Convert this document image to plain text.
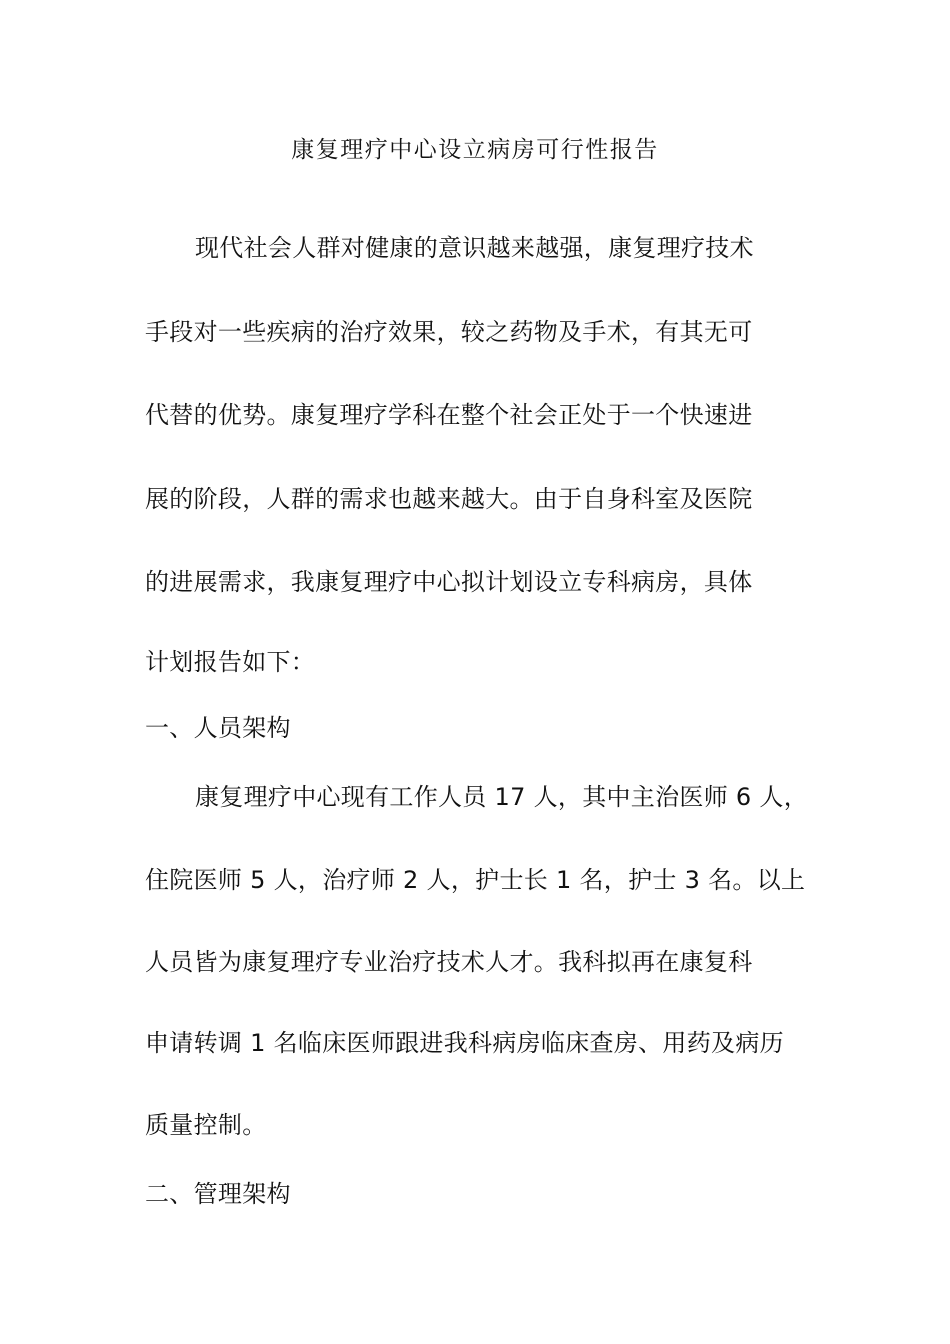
康复理疗中心设立病房可行性报告
现代社会人群对健康的意识越来越强，康复理疗技术
手段对一些疾病的治疗效果，较之药物及手术，有其无可
代替的优势。康复理疗学科在整个社会正处于一个快速进
展的阶段，人群的需求也越来越大。由于自身科室及医院
的进展需求，我康复理疗中心拟计划设立专科病房，具体
计划报告如下：
一、人员架构
康复理疗中心现有工作人员 17 人，其中主治医师 6 人，
住院医师 5 人，治疗师 2 人，护士长 1 名，护士 3 名。以上
人员皆为康复理疗专业治疗技术人才。我科拟再在康复科
申请转调 1 名临床医师跟进我科病房临床查房、用药及病历
质量控制。
二、管理架构
